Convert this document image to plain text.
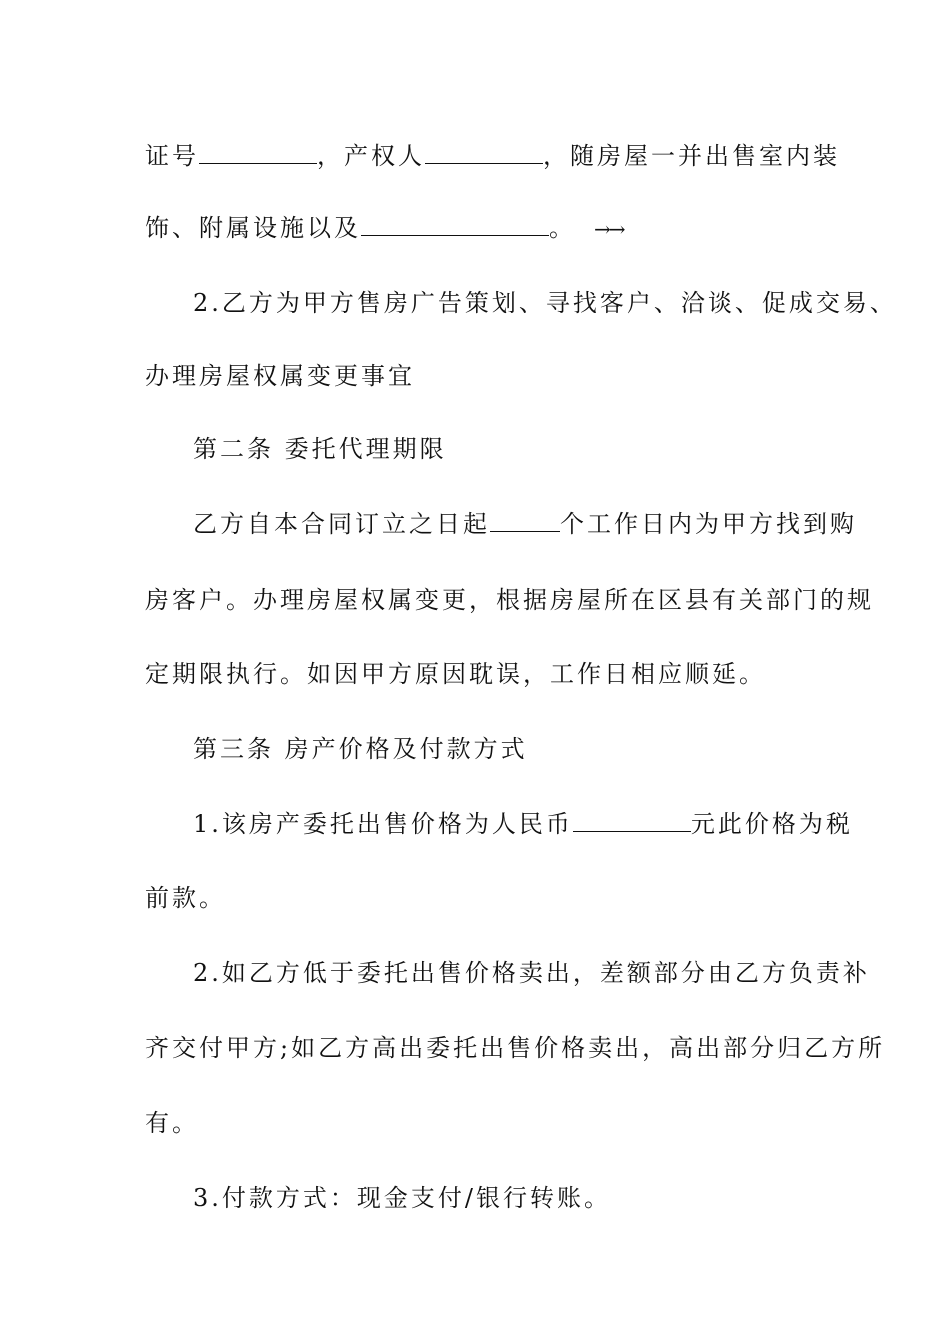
证号	，产权人	，随房屋一并出售室内装
饰、附属设施以及	。 →→
2.乙方为甲方售房广告策划、寻找客户、洽谈、促成交易、
办理房屋权属变更事宜
第二条 委托代理期限
乙方自本合同订立之日起	个工作日内为甲方找到购
房客户。办理房屋权属变更，根据房屋所在区县有关部门的规
定期限执行。如因甲方原因耽误，工作日相应顺延。
第三条 房产价格及付款方式
1.该房产委托出售价格为人民币	元此价格为税
前款。
2.如乙方低于委托出售价格卖出，差额部分由乙方负责补
齐交付甲方;如乙方高出委托出售价格卖出，高出部分归乙方所
有。
3.付款方式：现金支付/银行转账。
